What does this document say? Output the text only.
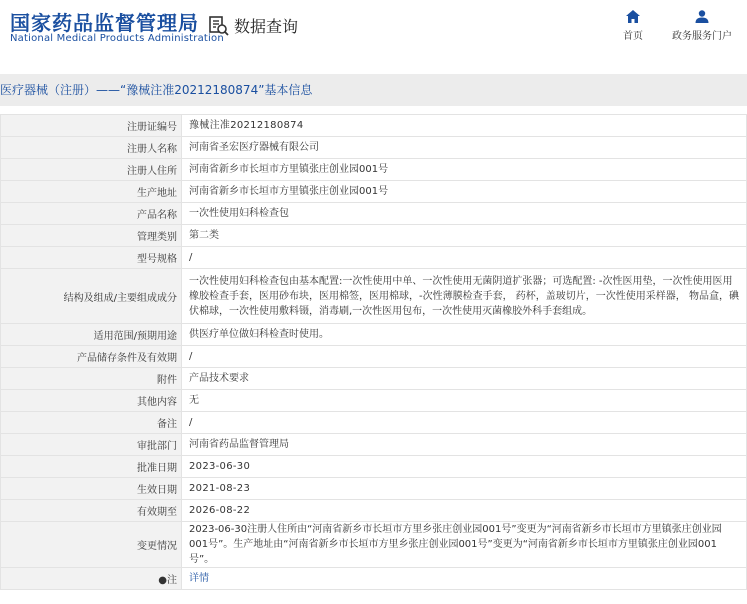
国家药品监督管理局
National Medical Products Administration
数据查询
首页	政务服务门户
医疗器械（注册）——“豫械注准20212180874”基本信息
注册证编号	豫械注准20212180874
注册人名称	河南省圣宏医疗器械有限公司
注册人住所	河南省新乡市长垣市方里镇张庄创业园001号
生产地址	河南省新乡市长垣市方里镇张庄创业园001号
产品名称	一次性使用妇科检查包
管理类别	第二类
型号规格	/
结构及组成/主要组成成分	一次性使用妇科检查包由基本配置:一次性使用中单、一次性使用无菌阴道扩张器；可选配置: -次性医用垫，一次性使用医用橡胶检查手套，医用砂布块，医用棉签，医用棉球，-次性薄膜检查手套， 药杯，盖玻切片，一次性使用采样器， 物品盒，碘伏棉球，一次性使用敷料镊，消毒刷,一次性医用包布，一次性使用灭菌橡胶外科手套组成。
适用范围/预期用途	供医疗单位做妇科检查时使用。
产品储存条件及有效期	/
附件	产品技术要求
其他内容	无
备注	/
审批部门	河南省药品监督管理局
批准日期	2023-06-30
生效日期	2021-08-23
有效期至	2026-08-22
变更情况	2023-06-30注册人住所由“河南省新乡市长垣市方里乡张庄创业园001号”变更为“河南省新乡市长垣市方里镇张庄创业园001号”。生产地址由“河南省新乡市长垣市方里乡张庄创业园001号”变更为“河南省新乡市长垣市方里镇张庄创业园001号”。
●注	详情
